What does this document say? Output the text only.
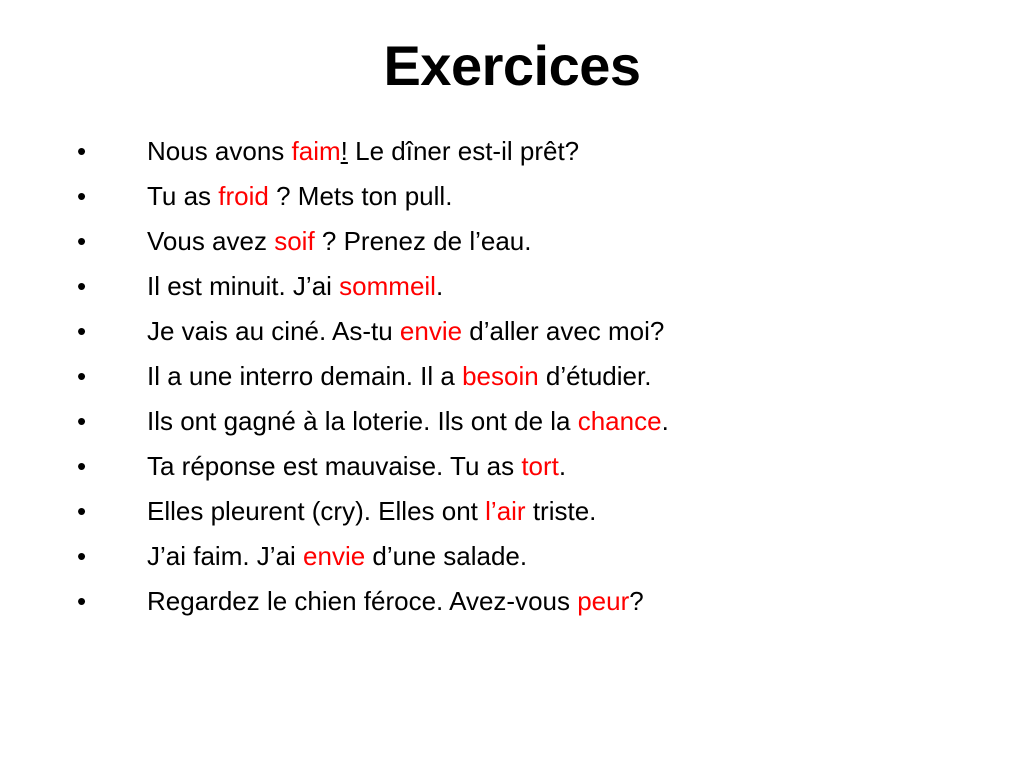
Exercices
• Nous avons faim! Le dîner est-il prêt?
• Tu as froid ? Mets ton pull.
• Vous avez soif ? Prenez de l’eau.
• Il est minuit. J’ai sommeil.
• Je vais au ciné. As-tu envie d’aller avec moi?
• Il a une interro demain. Il a besoin d’étudier.
• Ils ont gagné à la loterie. Ils ont de la chance.
• Ta réponse est mauvaise. Tu as tort.
• Elles pleurent (cry). Elles ont l’air triste.
• J’ai faim. J’ai envie d’une salade.
• Regardez le chien féroce. Avez-vous peur?
